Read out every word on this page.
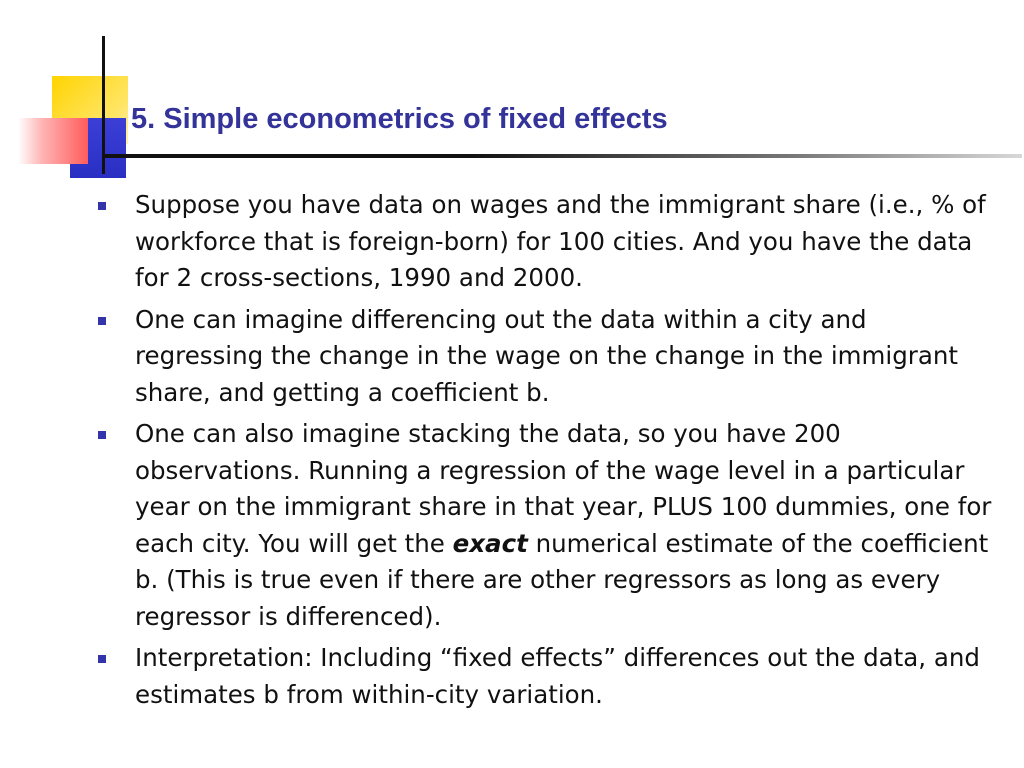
5. Simple econometrics of fixed effects
Suppose you have data on wages and the immigrant share (i.e., % of workforce that is foreign-born) for 100 cities. And you have the data for 2 cross-sections, 1990 and 2000.
One can imagine differencing out the data within a city and regressing the change in the wage on the change in the immigrant share, and getting a coefficient b.
One can also imagine stacking the data, so you have 200 observations. Running a regression of the wage level in a particular year on the immigrant share in that year, PLUS 100 dummies, one for each city. You will get the exact numerical estimate of the coefficient b. (This is true even if there are other regressors as long as every regressor is differenced).
Interpretation: Including “fixed effects” differences out the data, and estimates b from within-city variation.
